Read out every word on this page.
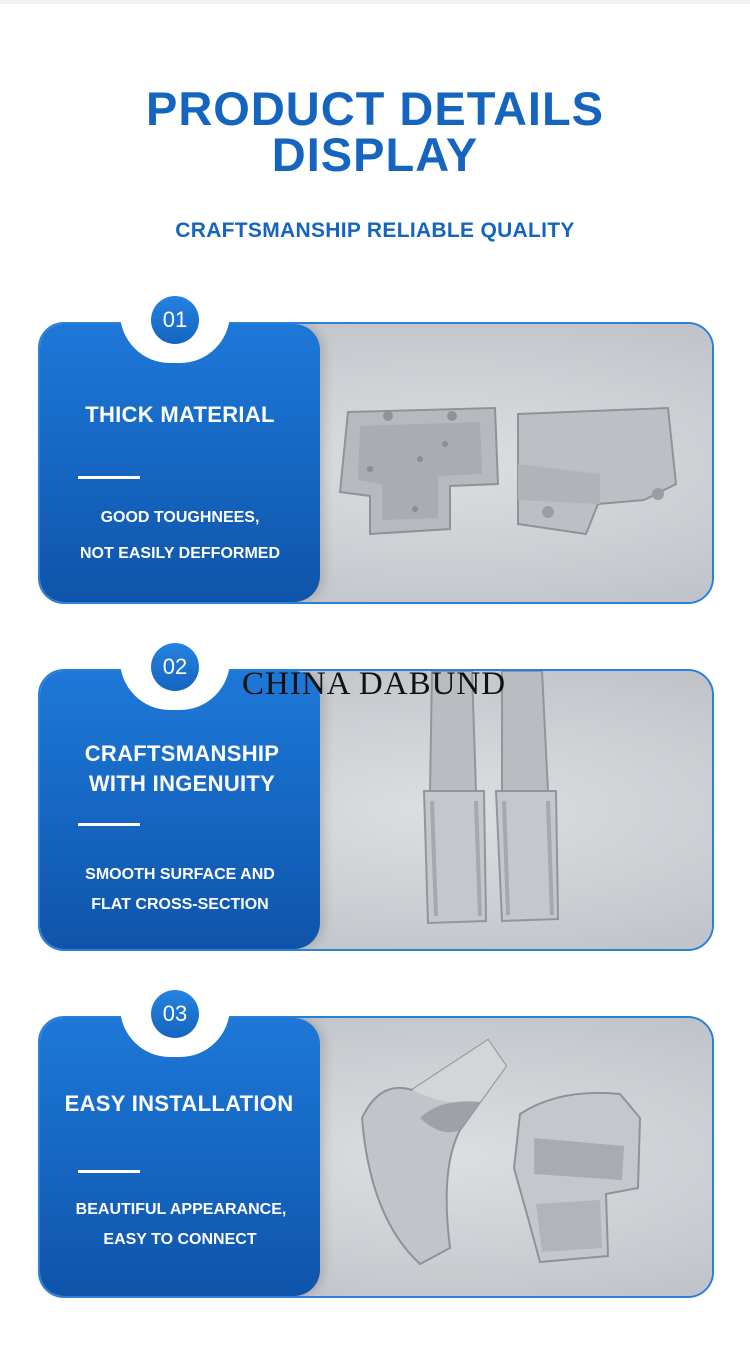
PRODUCT DETAILS
DISPLAY
CRAFTSMANSHIP RELIABLE QUALITY
THICK MATERIAL
GOOD TOUGHNEES,
NOT EASILY DEFFORMED
01
CRAFTSMANSHIP
WITH INGENUITY
SMOOTH SURFACE AND
FLAT CROSS-SECTION
02	CHINA DABUND
EASY INSTALLATION
BEAUTIFUL APPEARANCE,
EASY TO CONNECT
03
